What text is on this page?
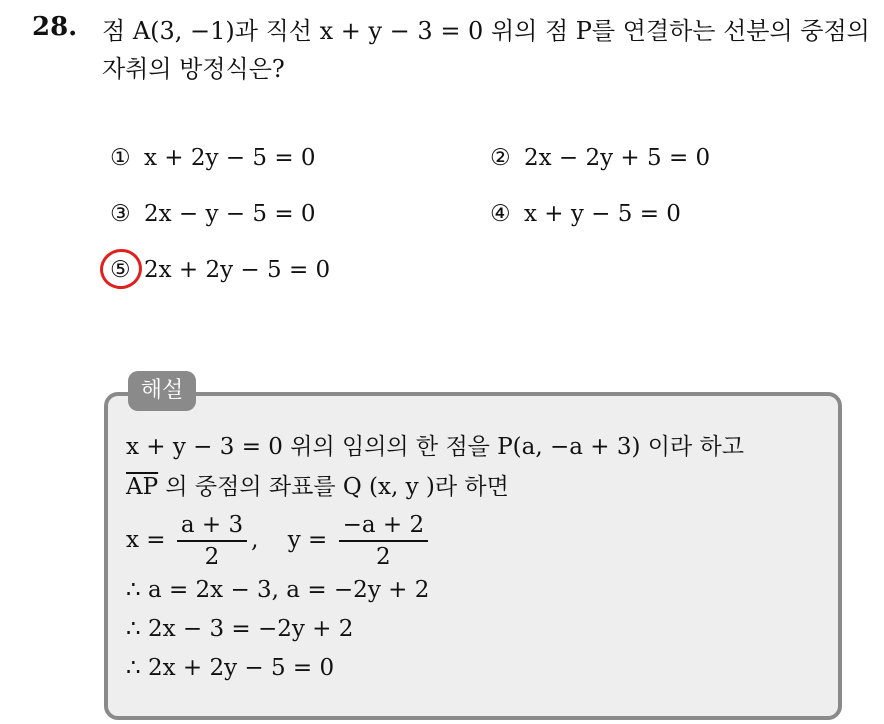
28. 점 A(3, −1)과 직선 x + y − 3 = 0 위의 점 P를 연결하는 선분의 중점의 자취의 방정식은?
① x + 2y − 5 = 0	② 2x − 2y + 5 = 0
③ 2x − y − 5 = 0	④ x + y − 5 = 0
⑤ 2x + 2y − 5 = 0
해설
x + y − 3 = 0 위의 임의의 한 점을 P(a, −a + 3) 이라 하고
$\overline{AP}$ 의 중점의 좌표를 Q (x, y )라 하면
$x = \frac{a + 3}{2}$ , $y = \frac{-a + 2}{2}$
∴ a = 2x − 3, a = −2y + 2
∴ 2x − 3 = −2y + 2
∴ 2x + 2y − 5 = 0
